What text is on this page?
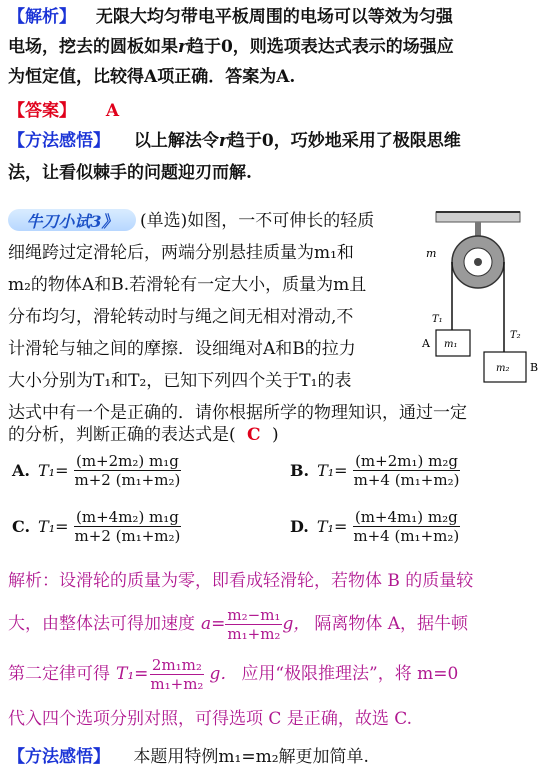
【解析】 无限大均匀带电平板周围的电场可以等效为匀强
电场，挖去的圆板如果r趋于0，则选项表达式表示的场强应
为恒定值，比较得A项正确．答案为A.
【答案】 A
【方法感悟】 以上解法令r趋于0，巧妙地采用了极限思维
法，让看似棘手的问题迎刃而解.
牛刀小试3》	(单选)如图，一不可伸长的轻质
细绳跨过定滑轮后，两端分别悬挂质量为m₁和
m₂的物体A和B.若滑轮有一定大小，质量为m且
分布均匀，滑轮转动时与绳之间无相对滑动,不
计滑轮与轴之间的摩擦．设细绳对A和B的拉力
大小分别为T₁和T₂，已知下列四个关于T₁的表
达式中有一个是正确的．请你根据所学的物理知识，通过一定
的分析，判断正确的表达式是( C )
m
T₁
T₂
m₁
A
m₂ B
A. $T_1= \frac{\text{(m+2m₂) m₁g}}{\text{m+2 (m₁+m₂)}}$	B. $T_1= \frac{\text{(m+2m₁) m₂g}}{\text{m+4 (m₁+m₂)}}$
C. $T_1= \frac{\text{(m+4m₂) m₁g}}{\text{m+2 (m₁+m₂)}}$	D. $T_1= \frac{\text{(m+4m₁) m₂g}}{\text{m+4 (m₁+m₂)}}$
解析：设滑轮的质量为零，即看成轻滑轮，若物体 B 的质量较
大，由整体法可得加速度 $a= \frac{\text{m₂−m₁}}{\text{m₁+m₂}}$ g， 隔离物体 A，据牛顿
第二定律可得 $T_1= \frac{\text{2m₁m₂}}{\text{m₁+m₂}}$ g． 应用“极限推理法”，将 m=0
代入四个选项分别对照，可得选项 C 是正确，故选 C.
【方法感悟】 本题用特例m₁=m₂解更加简单.
